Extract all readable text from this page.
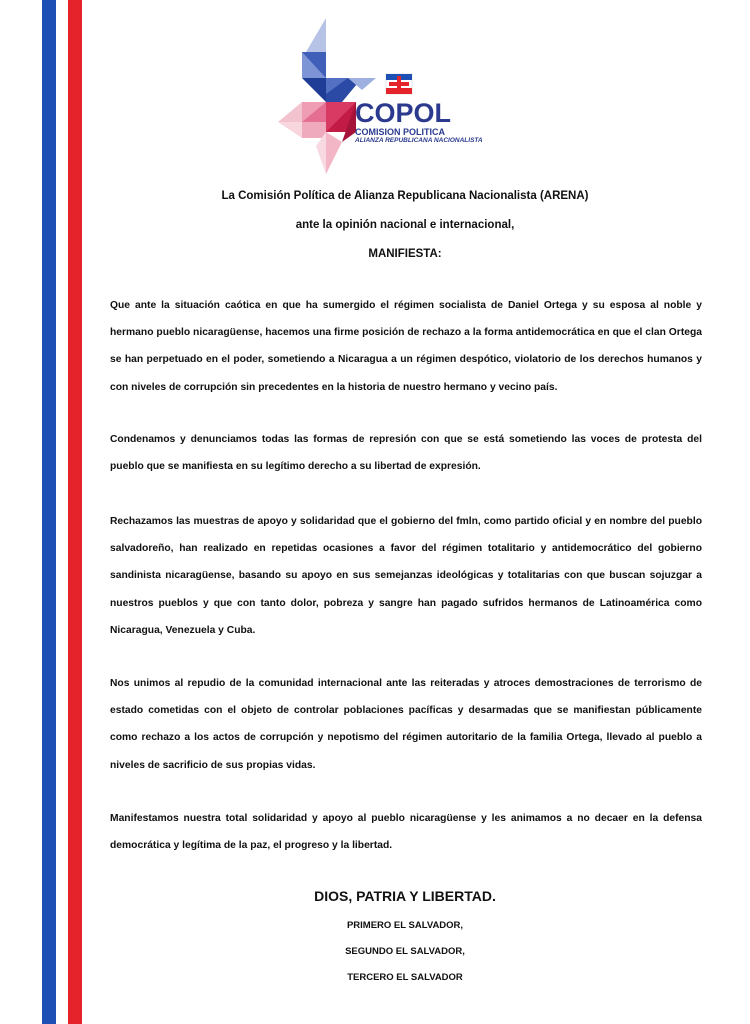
COPOL
COMISION POLITICA
ALIANZA REPUBLICANA NACIONALISTA
La Comisión Política de Alianza Republicana Nacionalista (ARENA)
ante la opinión nacional e internacional,
MANIFIESTA:
Que ante la situación caótica en que ha sumergido el régimen socialista de Daniel Ortega y su esposa al noble y hermano pueblo nicaragüense, hacemos una firme posición de rechazo a la forma antidemocrática en que el clan Ortega se han perpetuado en el poder, sometiendo a Nicaragua a un régimen despótico, violatorio de los derechos humanos y con niveles de corrupción sin precedentes en la historia de nuestro hermano y vecino país.
Condenamos y denunciamos todas las formas de represión con que se está sometiendo las voces de protesta del pueblo que se manifiesta en su legítimo derecho a su libertad de expresión.
Rechazamos las muestras de apoyo y solidaridad que el gobierno del fmln, como partido oficial y en nombre del pueblo salvadoreño, han realizado en repetidas ocasiones a favor del régimen totalitario y antidemocrático del gobierno sandinista nicaragüense, basando su apoyo en sus semejanzas ideológicas y totalitarias con que buscan sojuzgar a nuestros pueblos y que con tanto dolor, pobreza y sangre han pagado sufridos hermanos de Latinoamérica como Nicaragua, Venezuela y Cuba.
Nos unimos al repudio de la comunidad internacional ante las reiteradas y atroces demostraciones de terrorismo de estado cometidas con el objeto de controlar poblaciones pacíficas y desarmadas que se manifiestan públicamente como rechazo a los actos de corrupción y nepotismo del régimen autoritario de la familia Ortega, llevado al pueblo a niveles de sacrificio de sus propias vidas.
Manifestamos nuestra total solidaridad y apoyo al pueblo nicaragüense y les animamos a no decaer en la defensa democrática y legítima de la paz, el progreso y la libertad.
DIOS, PATRIA Y LIBERTAD.
PRIMERO EL SALVADOR,
SEGUNDO EL SALVADOR,
TERCERO EL SALVADOR
